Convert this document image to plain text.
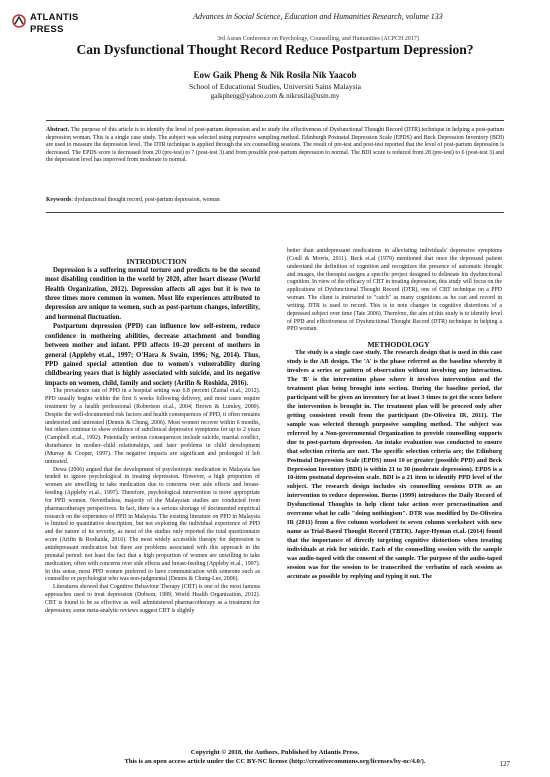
ATLANTIS
PRESS
Advances in Social Science, Education and Humanities Research, volume 133
3rd Asean Conference on Psychology, Counselling, and Humanities (ACPCH 2017)
Can Dysfunctional Thought Record Reduce Postpartum Depression?
Eow Gaik Pheng & Nik Rosila Nik Yaacob
School of Educational Studies, Universiti Sains Malaysia
gaikpheng@yahoo.com & nikrusila@usm.my
Abstract. The purpose of this article is to identify the level of post-partum depression and to study the effectiveness of Dysfunctional Thought Record (DTR) technique in helping a post-partum depression woman. This is a single case study. The subject was selected using purposive sampling method. Edinburgh Postnatal Depression Scale (EPDS) and Beck Depression Inventory (BDI) are used to measure the depression level. The DTR technique is applied through the six counselling sessions. The result of pre-test and post-test reported that the level of post-partum depression is decreased. The EPDS score is decreased from 20 (pre-test) to 7 (post-test 3) and from possible post-partum depression to normal. The BDI score is reduced from 28 (pre-test) to 6 (post-test 3) and the depression level has improved from moderate to normal.
Keywords: dysfunctional thought record, post-partum depression, woman

INTRODUCTION

Depression is a suffering mental torture and predicts to be the second most disabling condition in the world by 2020, after heart disease (World Health Organization, 2012). Depression affects all ages but it is two to three times more common in women. Most life experiences attributed to depression are unique to women, such as post-partum changes, infertility, and hormonal fluctuation.

Postpartum depression (PPD) can influence low self-esteem, reduce confidence in mothering abilities, decrease attachment and bonding between mother and infant. PPD affects 10–20 percent of mothers in general (Appleby et.al., 1997; O'Hara & Swain, 1996; Ng, 2014). Thus, PPD gained special attention due to women's vulnerability during childbearing years that is highly associated with suicide, and its negative impacts on women, child, family and society (Arifin & Roshida, 2016).

The prevalence rate of PPD in a hospital setting was 6.8 percent (Zainal et.al., 2012). PPD usually begins within the first 6 weeks following delivery, and most cases require treatment by a health professional (Robertson et.al., 2004; Brown & Lumley, 2000). Despite the well-documented risk factors and health consequences of PPD, it often remains undetected and untreated (Dennis & Chung, 2006). Most women recover within 6 months, but others continue to show evidence of subclinical depressive symptoms for up to 2 years (Campbell et.al., 1992). Potentially serious consequences include suicide, marital conflict, disturbance in mother–child relationships, and later problems in child development (Murray & Cooper, 1997). The negative impacts are significant and prolonged if left untreated.

Dewa (2006) argued that the development of psychotropic medication in Malaysia has tended to ignore psychological in treating depression. However, a high proportion of women are unwilling to take medication due to concerns over side effects and breast-feeding (Appleby et.al., 1997). Therefore, psychological intervention is more appropriate for PPD women. Nevertheless, majority of the Malaysian studies are conducted from pharmacotherapy perspectives. In fact, there is a serious shortage of documented empirical research on the experience of PPD in Malaysia. The existing literature on PPD in Malaysia is limited to quantitative description, but not exploring the individual experience of PPD and the nature of its severity, as most of the studies only reported the total questionnaire score (Arifin & Roshaida, 2016). The most widely accessible therapy for depression is antidepressant medication but there are problems associated with this approach in the prenatal period: not least the fact that a high proportion of women are unwilling to take medication, often with concerns over side effects and breast-feeding (Appleby et.al., 1997). In this sense, most PPD women preferred to have communication with someone such as counsellor or psychologist who was non-judgmental (Dennis & Chung-Lee, 2006).

Literatures showed that Cognitive Behaviour Therapy (CBT) is one of the most famous approaches used to treat depression (Dobson, 1989; World Health Organization, 2012). CBT is found to be as effective as well administered pharmacotherapy as a treatment for depression; some meta-analytic reviews suggest CBT is slightly

better than antidepressant medications in alleviating individuals' depressive symptoms (Coull & Morris, 2011). Beck et.al (1979) mentioned that once the depressed patient understand the definition of cognition and recognizes the presence of automatic thought and images, the therapist assigns a specific project designed to delineate his dysfunctional cognition. In view of the efficacy of CBT in treating depression, this study will focus on the applications of Dysfunctional Thought Record (DTR), one of CBT technique on a PPD woman. The client is instructed to "catch" as many cognitions as he can and record in writing. DTR is used to record. This is to note changes in cognitive distortions of a depressed subject over time (Tate 2006). Therefore, the aim of this study is to identify level of PPD and effectiveness of Dysfunctional Thought Record (DTR) technique in helping a PPD woman.

METHODOLOGY

The study is a single case study. The research design that is used in this case study is the AB design. The 'A' is the phase referred as the baseline whereby it involves a series or pattern of observation without involving any interaction. The 'B' is the intervention phase where it involves intervention and the treatment plan being brought into section. During the baseline period, the participant will be given an inventory for at least 3 times to get the score before the intervention is brought in. The treatment plan will be proceed only after getting consistent result from the participant (De-Oliveira IR, 2011). The sample was selected through purposive sampling method. The subject was referred by a Non-governmental Organization to provide counselling supports due to post-partum depression. An intake evaluation was conducted to ensure that selection criteria are met. The specific selection criteria are; the Edinburg Postnatal Depression Scale (EPDS) must 10 or greater (possible PPD) and Beck Depression Inventory (BDI) is within 21 to 30 (moderate depression). EPDS is a 10-item postnatal depression scale. BDI is a 21 item to identify PPD level of the subject. The research design includes six counselling sessions DTR as an intervention to reduce depression. Burns (1999) introduces the Daily Record of Dysfunctional Thoughts to help client take action over procrastination and overcome what he calls "doing nothingism". DTR was modified by De-Oliveira IR (2011) from a five column worksheet to seven column worksheet with new name as Trial-Based Thought Record (TBTR). Jager-Hyman et.al. (2014) found that the importance of directly targeting cognitive distortions when treating individuals at risk for suicide. Each of the counselling session with the sample was audio-taped with the consent of the sample. The purpose of the audio-taped session was for the session to be transcribed the verbatim of each session as accurate as possible by replying and typing it out. The

Copyright © 2018, the Authors. Published by Atlantis Press.
This is an open access article under the CC BY-NC license (http://creativecommons.org/licenses/by-nc/4.0/).	127
